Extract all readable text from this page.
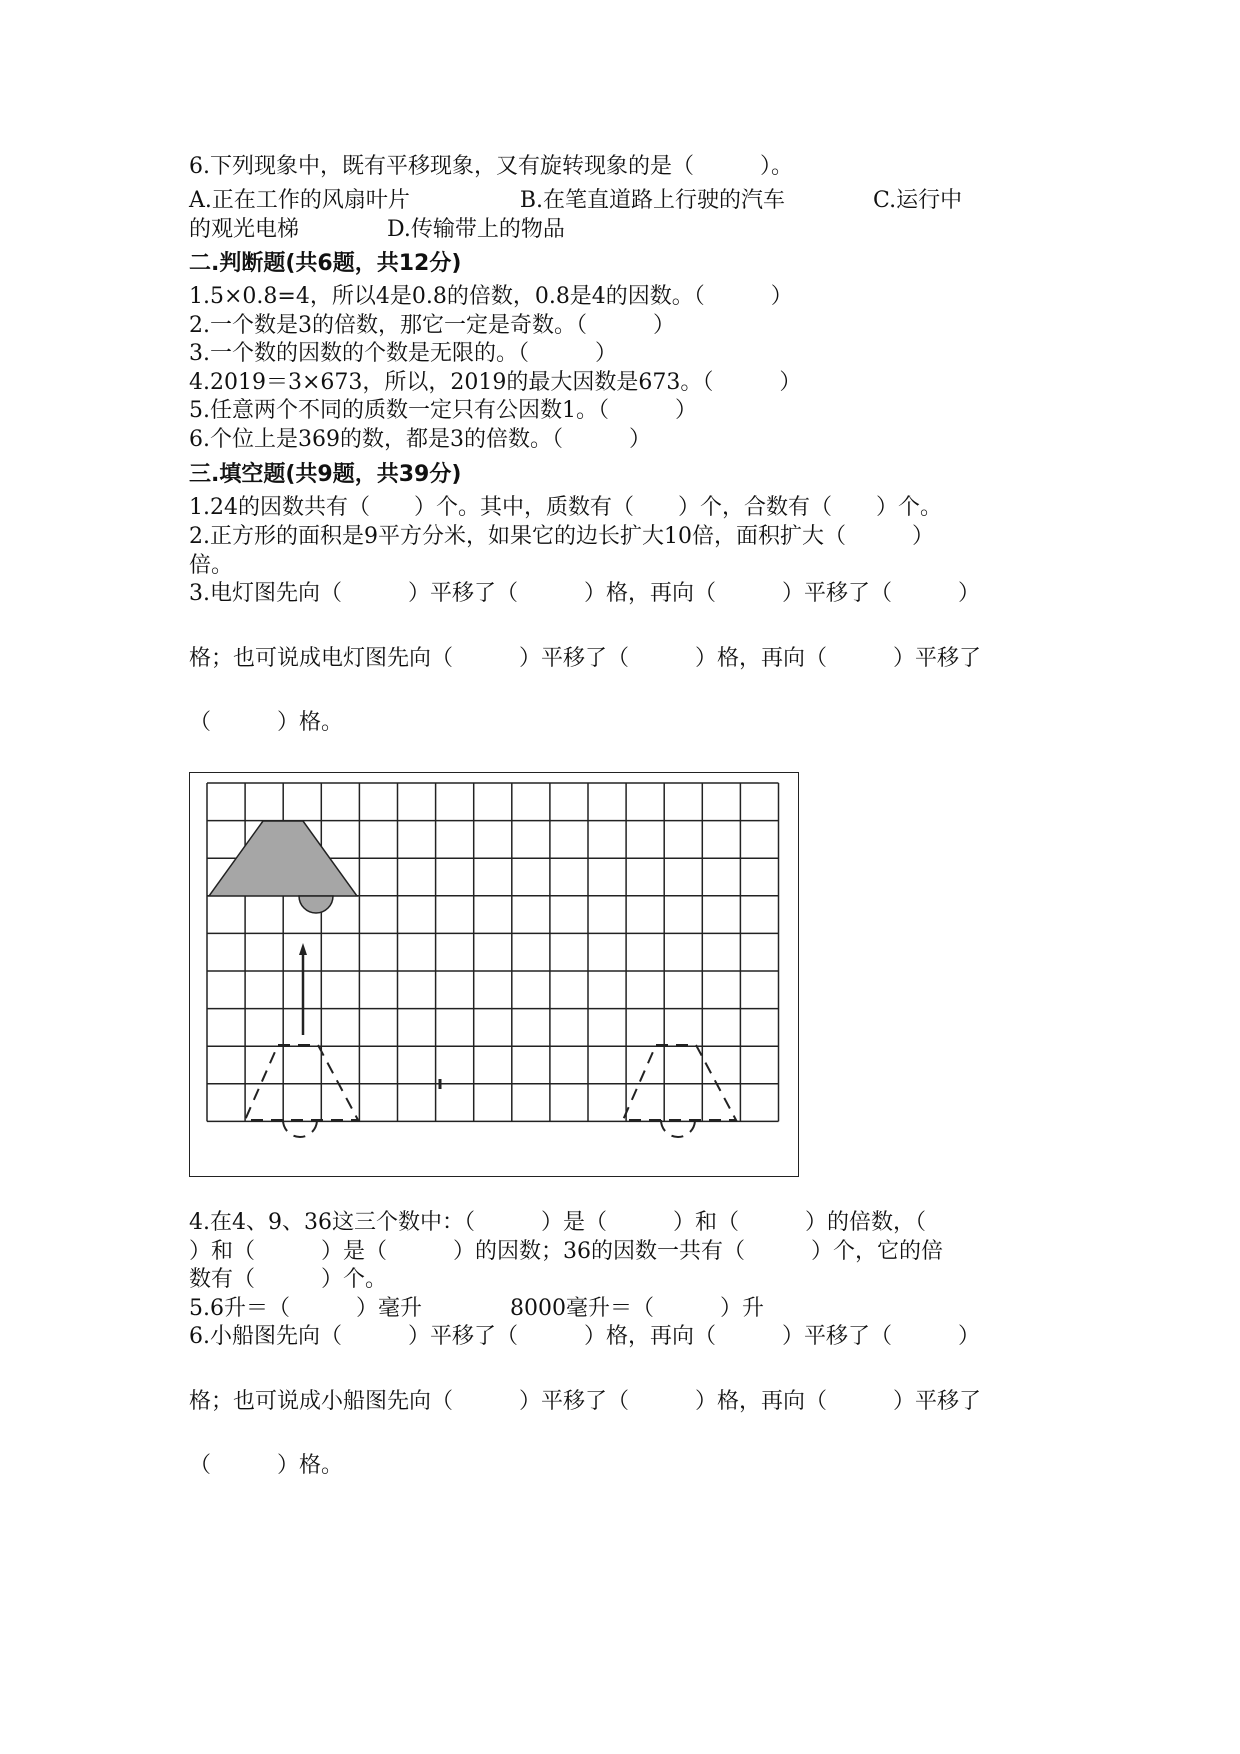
6.下列现象中，既有平移现象，又有旋转现象的是（　　　）。
A.正在工作的风扇叶片　　　　　B.在笔直道路上行驶的汽车　　　　C.运行中
的观光电梯　　　　D.传输带上的物品
二.判断题(共6题，共12分)
1.5×0.8=4，所以4是0.8的倍数，0.8是4的因数。（　　　）
2.一个数是3的倍数，那它一定是奇数。（　　　）
3.一个数的因数的个数是无限的。（　　　）
4.2019＝3×673，所以，2019的最大因数是673。（　　　）
5.任意两个不同的质数一定只有公因数1。（　　　）
6.个位上是369的数，都是3的倍数。（　　　）
三.填空题(共9题，共39分)
1.24的因数共有（　　）个。其中，质数有（　　）个，合数有（　　）个。
2.正方形的面积是9平方分米，如果它的边长扩大10倍，面积扩大（　　　）
倍。
3.电灯图先向（　　　）平移了（　　　）格，再向（　　　）平移了（　　　）
格；也可说成电灯图先向（　　　）平移了（　　　）格，再向（　　　）平移了
（　　　）格。
4.在4、9、36这三个数中：（　　　）是（　　　）和（　　　）的倍数，（
）和（　　　）是（　　　）的因数；36的因数一共有（　　　）个，它的倍
数有（　　　）个。
5.6升＝（　　　）毫升　　　　8000毫升＝（　　　）升
6.小船图先向（　　　）平移了（　　　）格，再向（　　　）平移了（　　　）
格；也可说成小船图先向（　　　）平移了（　　　）格，再向（　　　）平移了
（　　　）格。
